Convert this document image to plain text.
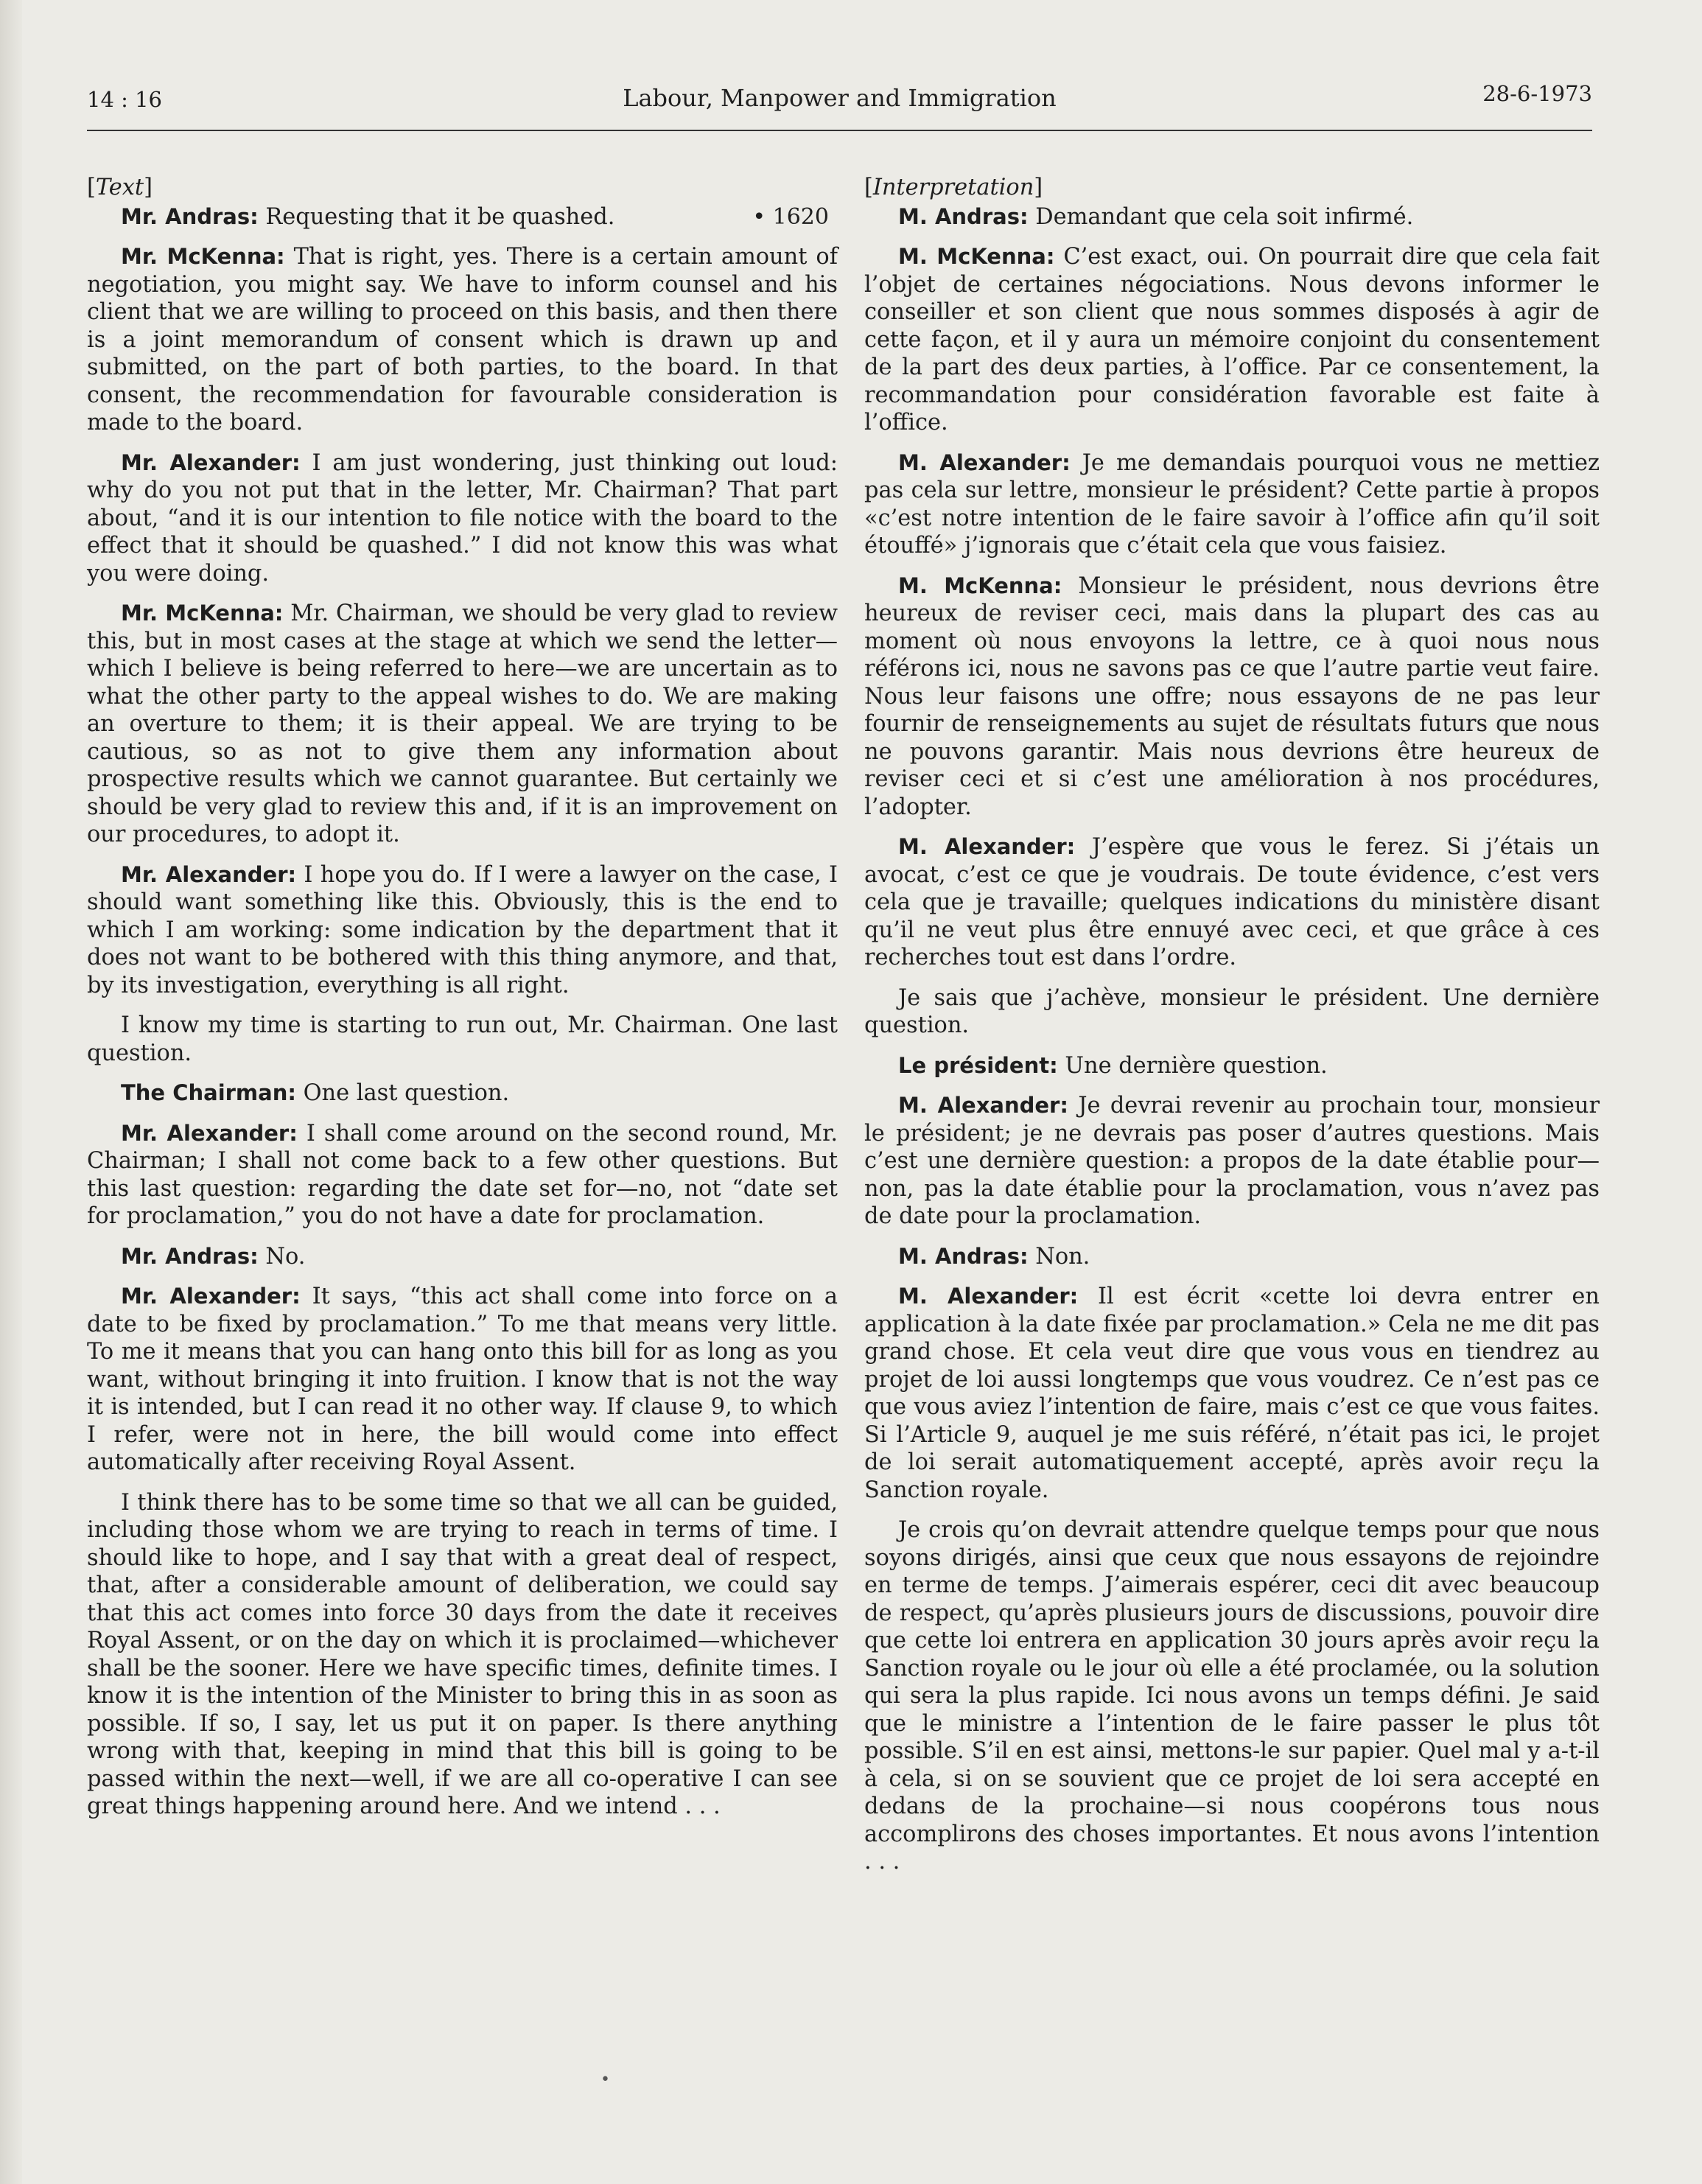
14 : 16	Labour, Manpower and Immigration	28-6-1973
[Text]

Mr. Andras: Requesting that it be quashed.	• 1620

Mr. McKenna: That is right, yes. There is a certain amount of negotiation, you might say. We have to inform counsel and his client that we are willing to proceed on this basis, and then there is a joint memorandum of consent which is drawn up and submitted, on the part of both parties, to the board. In that consent, the recommendation for favourable consideration is made to the board.

Mr. Alexander: I am just wondering, just thinking out loud: why do you not put that in the letter, Mr. Chairman? That part about, “and it is our intention to file notice with the board to the effect that it should be quashed.” I did not know this was what you were doing.

Mr. McKenna: Mr. Chairman, we should be very glad to review this, but in most cases at the stage at which we send the letter—which I believe is being referred to here—we are uncertain as to what the other party to the appeal wishes to do. We are making an overture to them; it is their appeal. We are trying to be cautious, so as not to give them any information about prospective results which we cannot guarantee. But certainly we should be very glad to review this and, if it is an improvement on our procedures, to adopt it.

Mr. Alexander: I hope you do. If I were a lawyer on the case, I should want something like this. Obviously, this is the end to which I am working: some indication by the department that it does not want to be bothered with this thing anymore, and that, by its investigation, everything is all right.

I know my time is starting to run out, Mr. Chairman. One last question.

The Chairman: One last question.

Mr. Alexander: I shall come around on the second round, Mr. Chairman; I shall not come back to a few other questions. But this last question: regarding the date set for—no, not “date set for proclamation,” you do not have a date for proclamation.

Mr. Andras: No.

Mr. Alexander: It says, “this act shall come into force on a date to be fixed by proclamation.” To me that means very little. To me it means that you can hang onto this bill for as long as you want, without bringing it into fruition. I know that is not the way it is intended, but I can read it no other way. If clause 9, to which I refer, were not in here, the bill would come into effect automatically after receiving Royal Assent.

I think there has to be some time so that we all can be guided, including those whom we are trying to reach in terms of time. I should like to hope, and I say that with a great deal of respect, that, after a considerable amount of deliberation, we could say that this act comes into force 30 days from the date it receives Royal Assent, or on the day on which it is proclaimed—whichever shall be the sooner. Here we have specific times, definite times. I know it is the intention of the Minister to bring this in as soon as possible. If so, I say, let us put it on paper. Is there anything wrong with that, keeping in mind that this bill is going to be passed within the next—well, if we are all co-operative I can see great things happening around here. And we intend . . .

[Interpretation]

M. Andras: Demandant que cela soit infirmé.

M. McKenna: C’est exact, oui. On pourrait dire que cela fait l’objet de certaines négociations. Nous devons informer le conseiller et son client que nous sommes disposés à agir de cette façon, et il y aura un mémoire conjoint du consentement de la part des deux parties, à l’office. Par ce consentement, la recommandation pour considération favorable est faite à l’office.

M. Alexander: Je me demandais pourquoi vous ne mettiez pas cela sur lettre, monsieur le président? Cette partie à propos «c’est notre intention de le faire savoir à l’office afin qu’il soit étouffé» j’ignorais que c’était cela que vous faisiez.

M. McKenna: Monsieur le président, nous devrions être heureux de reviser ceci, mais dans la plupart des cas au moment où nous envoyons la lettre, ce à quoi nous nous référons ici, nous ne savons pas ce que l’autre partie veut faire. Nous leur faisons une offre; nous essayons de ne pas leur fournir de renseignements au sujet de résultats futurs que nous ne pouvons garantir. Mais nous devrions être heureux de reviser ceci et si c’est une amélioration à nos procédures, l’adopter.

M. Alexander: J’espère que vous le ferez. Si j’étais un avocat, c’est ce que je voudrais. De toute évidence, c’est vers cela que je travaille; quelques indications du ministère disant qu’il ne veut plus être ennuyé avec ceci, et que grâce à ces recherches tout est dans l’ordre.

Je sais que j’achève, monsieur le président. Une dernière question.

Le président: Une dernière question.

M. Alexander: Je devrai revenir au prochain tour, monsieur le président; je ne devrais pas poser d’autres questions. Mais c’est une dernière question: a propos de la date établie pour—non, pas la date établie pour la proclamation, vous n’avez pas de date pour la proclamation.

M. Andras: Non.

M. Alexander: Il est écrit «cette loi devra entrer en application à la date fixée par proclamation.» Cela ne me dit pas grand chose. Et cela veut dire que vous vous en tiendrez au projet de loi aussi longtemps que vous voudrez. Ce n’est pas ce que vous aviez l’intention de faire, mais c’est ce que vous faites. Si l’Article 9, auquel je me suis référé, n’était pas ici, le projet de loi serait automatiquement accepté, après avoir reçu la Sanction royale.

Je crois qu’on devrait attendre quelque temps pour que nous soyons dirigés, ainsi que ceux que nous essayons de rejoindre en terme de temps. J’aimerais espérer, ceci dit avec beaucoup de respect, qu’après plusieurs jours de discussions, pouvoir dire que cette loi entrera en application 30 jours après avoir reçu la Sanction royale ou le jour où elle a été proclamée, ou la solution qui sera la plus rapide. Ici nous avons un temps défini. Je said que le ministre a l’intention de le faire passer le plus tôt possible. S’il en est ainsi, mettons-le sur papier. Quel mal y a-t-il à cela, si on se souvient que ce projet de loi sera accepté en dedans de la prochaine—si nous coopérons tous nous accomplirons des choses importantes. Et nous avons l’intention . . .

•
